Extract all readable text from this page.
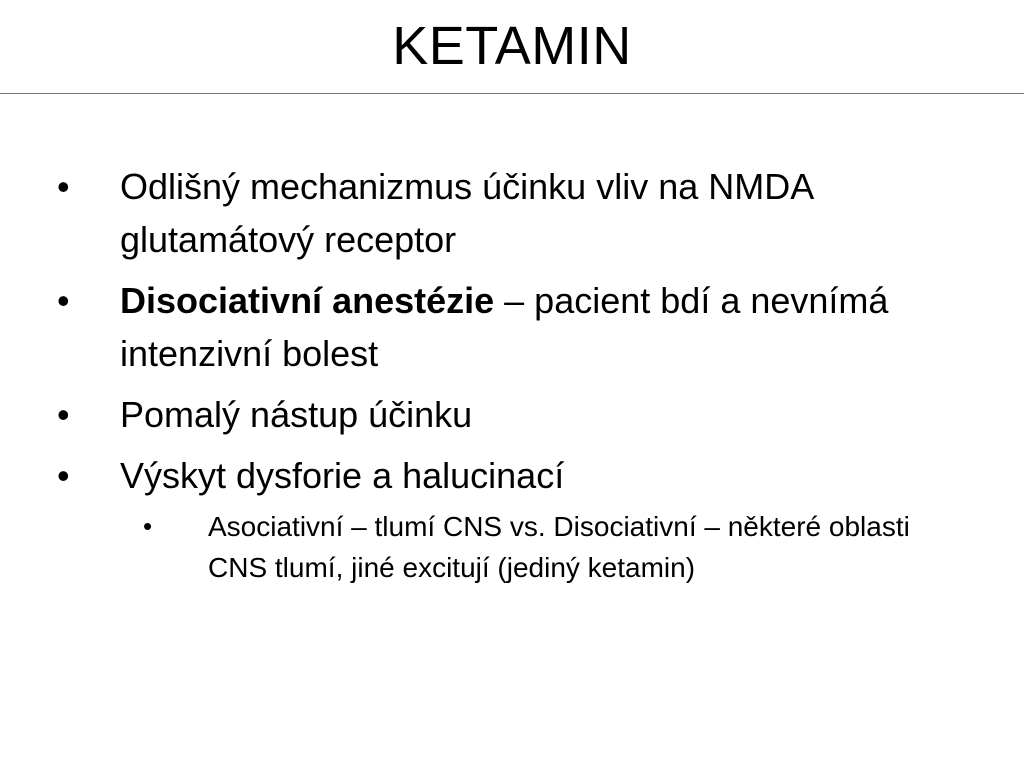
KETAMIN
• Odlišný mechanizmus účinku vliv na NMDA glutamátový receptor
• Disociativní anestézie – pacient bdí a nevnímá intenzivní bolest
• Pomalý nástup účinku
• Výskyt dysforie a halucinací
• Asociativní – tlumí CNS vs. Disociativní – některé oblasti CNS tlumí, jiné excitují (jediný ketamin)
